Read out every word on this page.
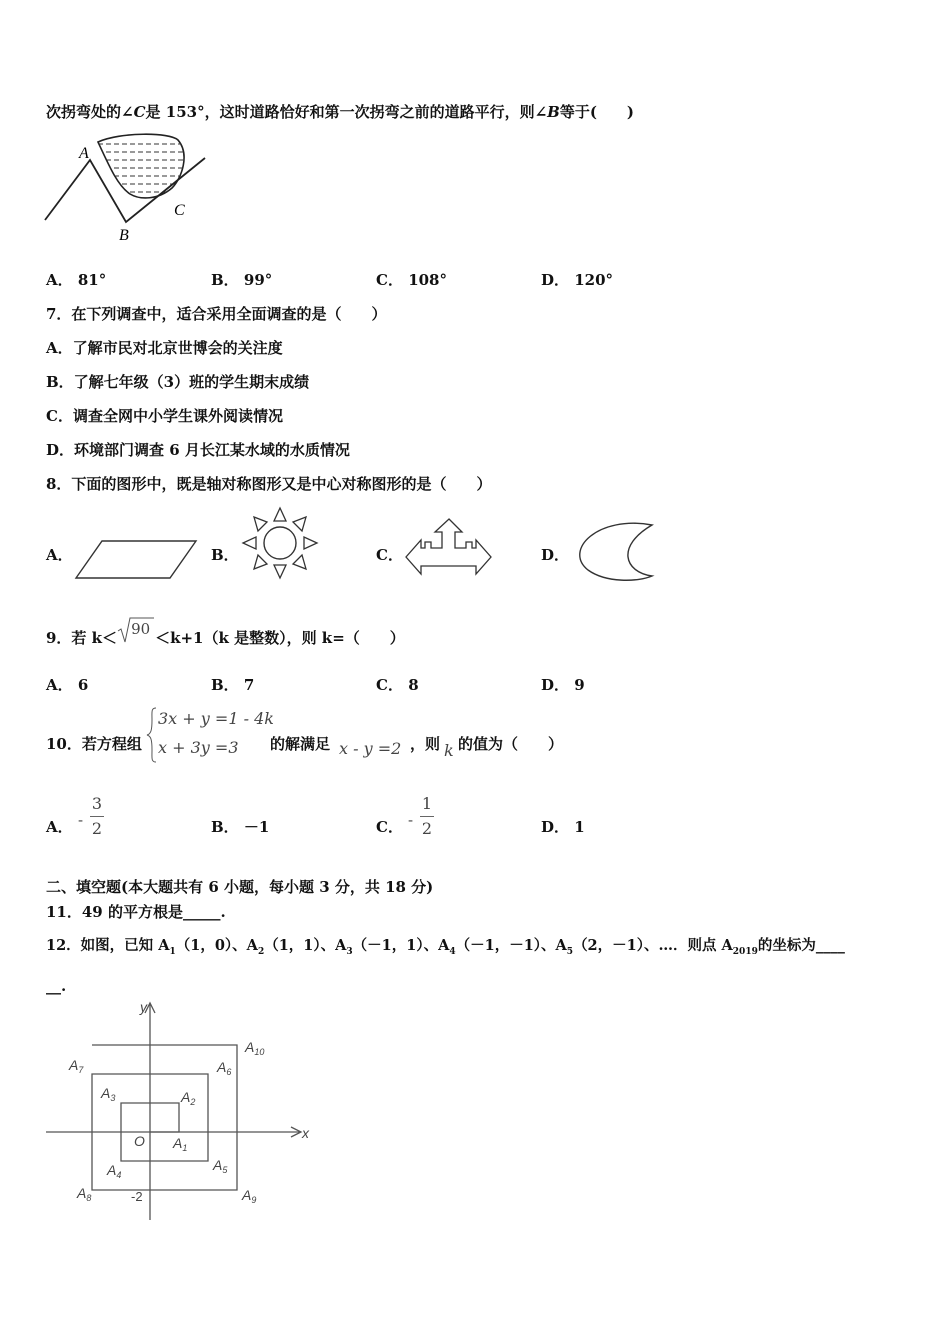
次拐弯处的∠C是 153°，这时道路恰好和第一次拐弯之前的道路平行，则∠B等于(　　)
A
B
C
A． 81°	B． 99°	C． 108°	D． 120°
7．在下列调查中，适合采用全面调查的是（　　）
A．了解市民对北京世博会的关注度
B．了解七年级（3）班的学生期末成绩
C．调查全网中小学生课外阅读情况
D．环境部门调查 6 月长江某水域的水质情况
8．下面的图形中，既是轴对称图形又是中心对称图形的是（　　）
A．	B．	C．	D．
9．若 k＜ 90 ＜k+1（k 是整数），则 k=（　　）
A． 6	B． 7	C． 8	D． 9
10．若方程组
3x + y =1 - 4k
x + 3y =3 的解满足 x - y =2 ，则 k 的值为（　　）
A． -
3
2	B． －1	C． -
1
2	D． 1
二、填空题(本大题共有 6 小题，每小题 3 分，共 18 分)
11．49 的平方根是_____.
12．如图，已知 $A_1(1$，0）、$A_2(1$，1）、$A_3(-1$，1）、$A_4(-1$，－1）、$A_5(2$，－1）、…．则点 $A_{2019}$的坐标为____
__.
x
y
O
-2
$A_1$
$A_2$
$A_3$
$A_4$
$A_5$
$A_6$
$A_7$
$A_8$	$A_9$
$A_{10}$
